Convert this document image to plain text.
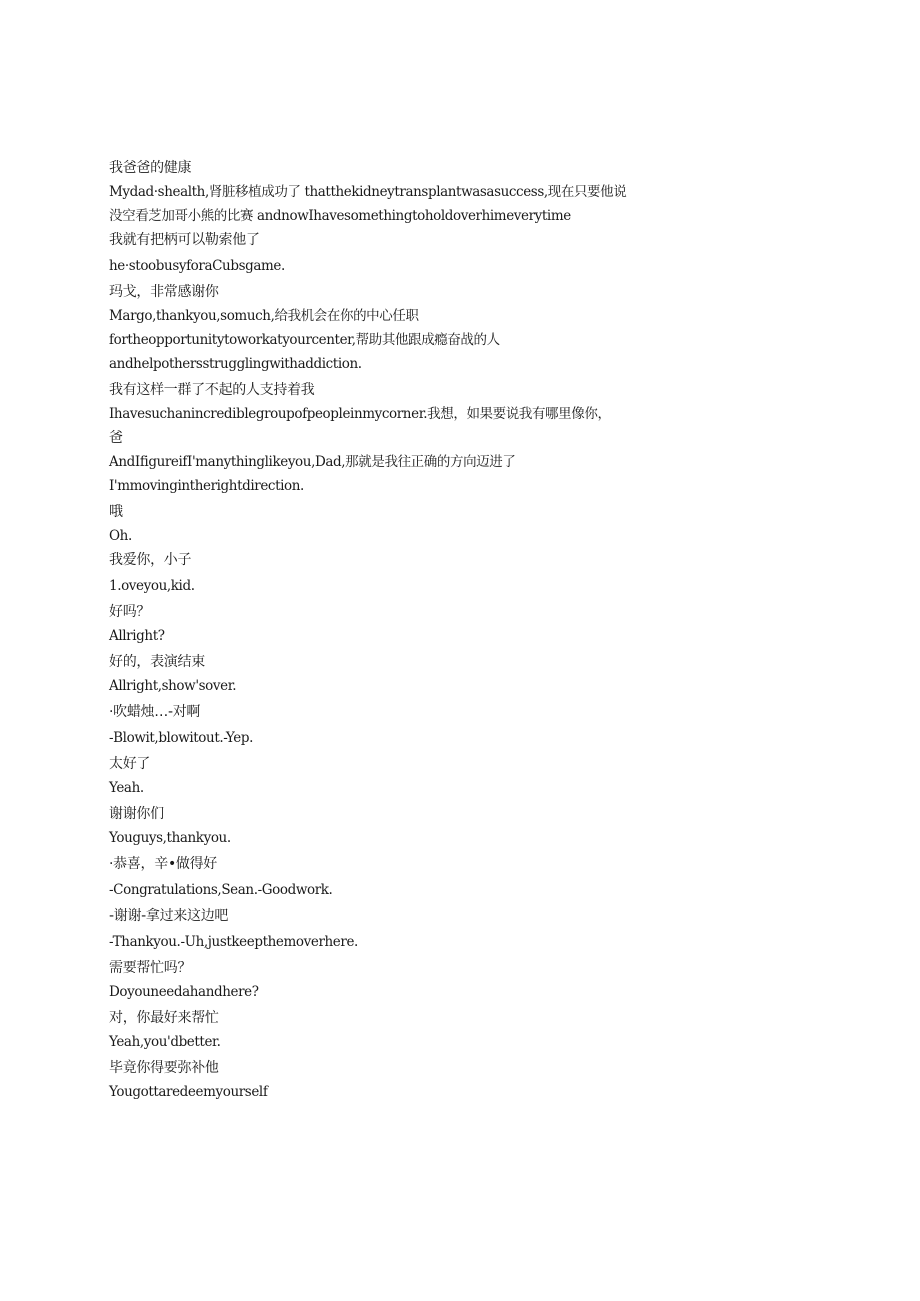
我爸爸的健康
Mydad·shealth,肾脏移植成功了 thatthekidneytransplantwasasuccess,现在只要他说
没空看芝加哥小熊的比赛 andnowIhavesomethingtoholdoverhimeverytime
我就有把柄可以勒索他了
he·stoobusyforaCubsgame.
玛戈，非常感谢你
Margo,thankyou,somuch,给我机会在你的中心任职
fortheopportunitytoworkatyourcenter,帮助其他跟成瘾奋战的人
andhelpothersstrugglingwithaddiction.
我有这样一群了不起的人支持着我
Ihavesuchanincrediblegroupofpeopleinmycorner.我想，如果要说我有哪里像你，
爸
AndIfigureifI'manythinglikeyou,Dad,那就是我往正确的方向迈进了
I'mmovingintherightdirection.
哦
Oh.
我爱你，小子
1.oveyou,kid.
好吗？
Allright?
好的，表演结束
Allright,show'sover.
·吹蜡烛…-对啊
-Blowit,blowitout.-Yep.
太好了
Yeah.
谢谢你们
Youguys,thankyou.
·恭喜，辛•做得好
-Congratulations,Sean.-Goodwork.
-谢谢-拿过来这边吧
-Thankyou.-Uh,justkeepthemoverhere.
需要帮忙吗？
Doyouneedahandhere?
对，你最好来帮忙
Yeah,you'dbetter.
毕竟你得要弥补他
Yougottaredeemyourself
